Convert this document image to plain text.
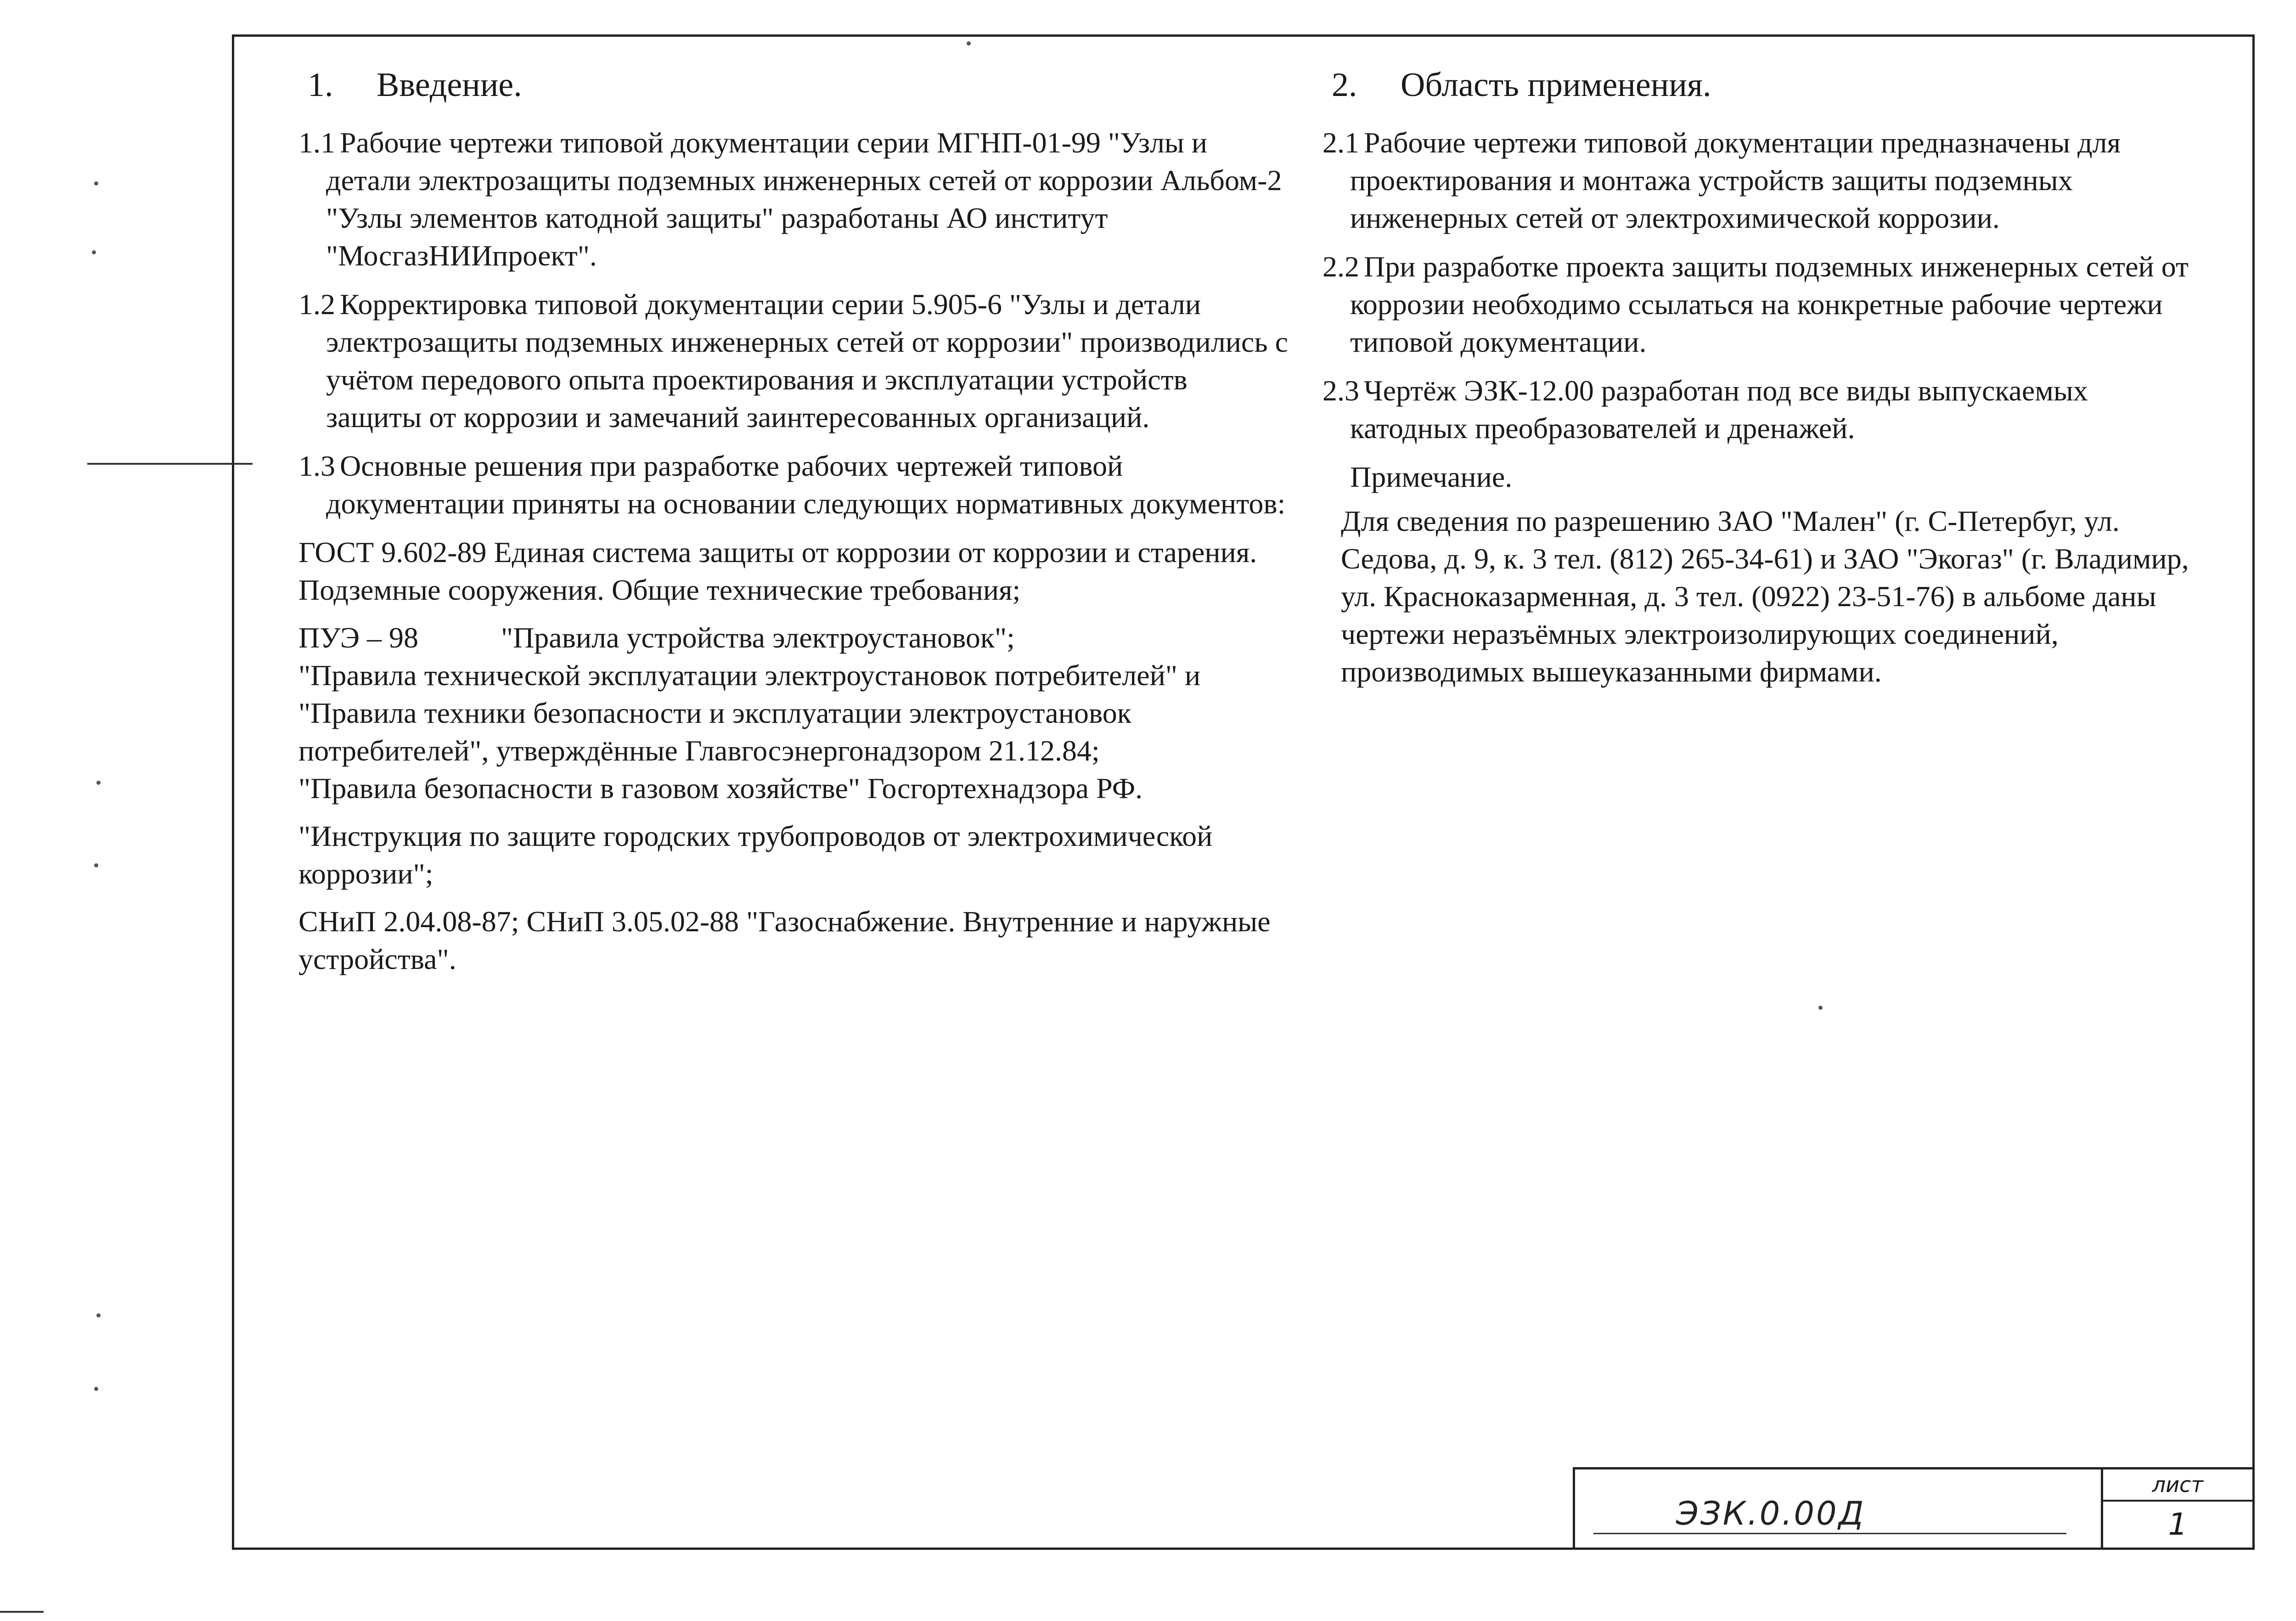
1. Введение.
1.1 Рабочие чертежи типовой документации серии МГНП-01-99 "Узлы и детали электрозащиты подземных инженерных сетей от коррозии Альбом-2 "Узлы элементов катодной защиты" разработаны АО институт "МосгазНИИпроект".
1.2 Корректировка типовой документации серии 5.905-6 "Узлы и детали электрозащиты подземных инженерных сетей от коррозии" производились с учётом передового опыта проектирования и эксплуатации устройств защиты от коррозии и замечаний заинтересованных организаций.
1.3 Основные решения при разработке рабочих чертежей типовой документации приняты на основании следующих нормативных документов:
ГОСТ 9.602-89 Единая система защиты от коррозии от коррозии и старения. Подземные сооружения. Общие технические требования;
ПУЭ – 98	"Правила устройства электроустановок";
"Правила технической эксплуатации электроустановок потребителей" и "Правила техники безопасности и эксплуатации электроустановок потребителей", утверждённые Главгосэнергонадзором 21.12.84;"Правила безопасности в газовом хозяйстве" Госгортехнадзора РФ.
"Инструкция по защите городских трубопроводов от электрохимической коррозии";
СНиП 2.04.08-87; СНиП 3.05.02-88 "Газоснабжение. Внутренние и наружные устройства".
2. Область применения.
2.1 Рабочие чертежи типовой документации предназначены для проектирования и монтажа устройств защиты подземных инженерных сетей от электрохимической коррозии.
2.2 При разработке проекта защиты подземных инженерных сетей от коррозии необходимо ссылаться на конкретные рабочие чертежи типовой документации.
2.3 Чертёж ЭЗК-12.00 разработан под все виды выпускаемых катодных преобразователей и дренажей.
Примечание.
Для сведения по разрешению ЗАО "Мален" (г. С-Петербуг, ул. Седова, д. 9, к. 3 тел. (812) 265-34-61) и ЗАО "Экогаз" (г. Владимир, ул. Красноказарменная, д. 3 тел. (0922) 23-51-76) в альбоме даны чертежи неразъёмных электроизолирующих соединений, производимых вышеуказанными фирмами.
ЭЗК.0.00Д
лист
1
